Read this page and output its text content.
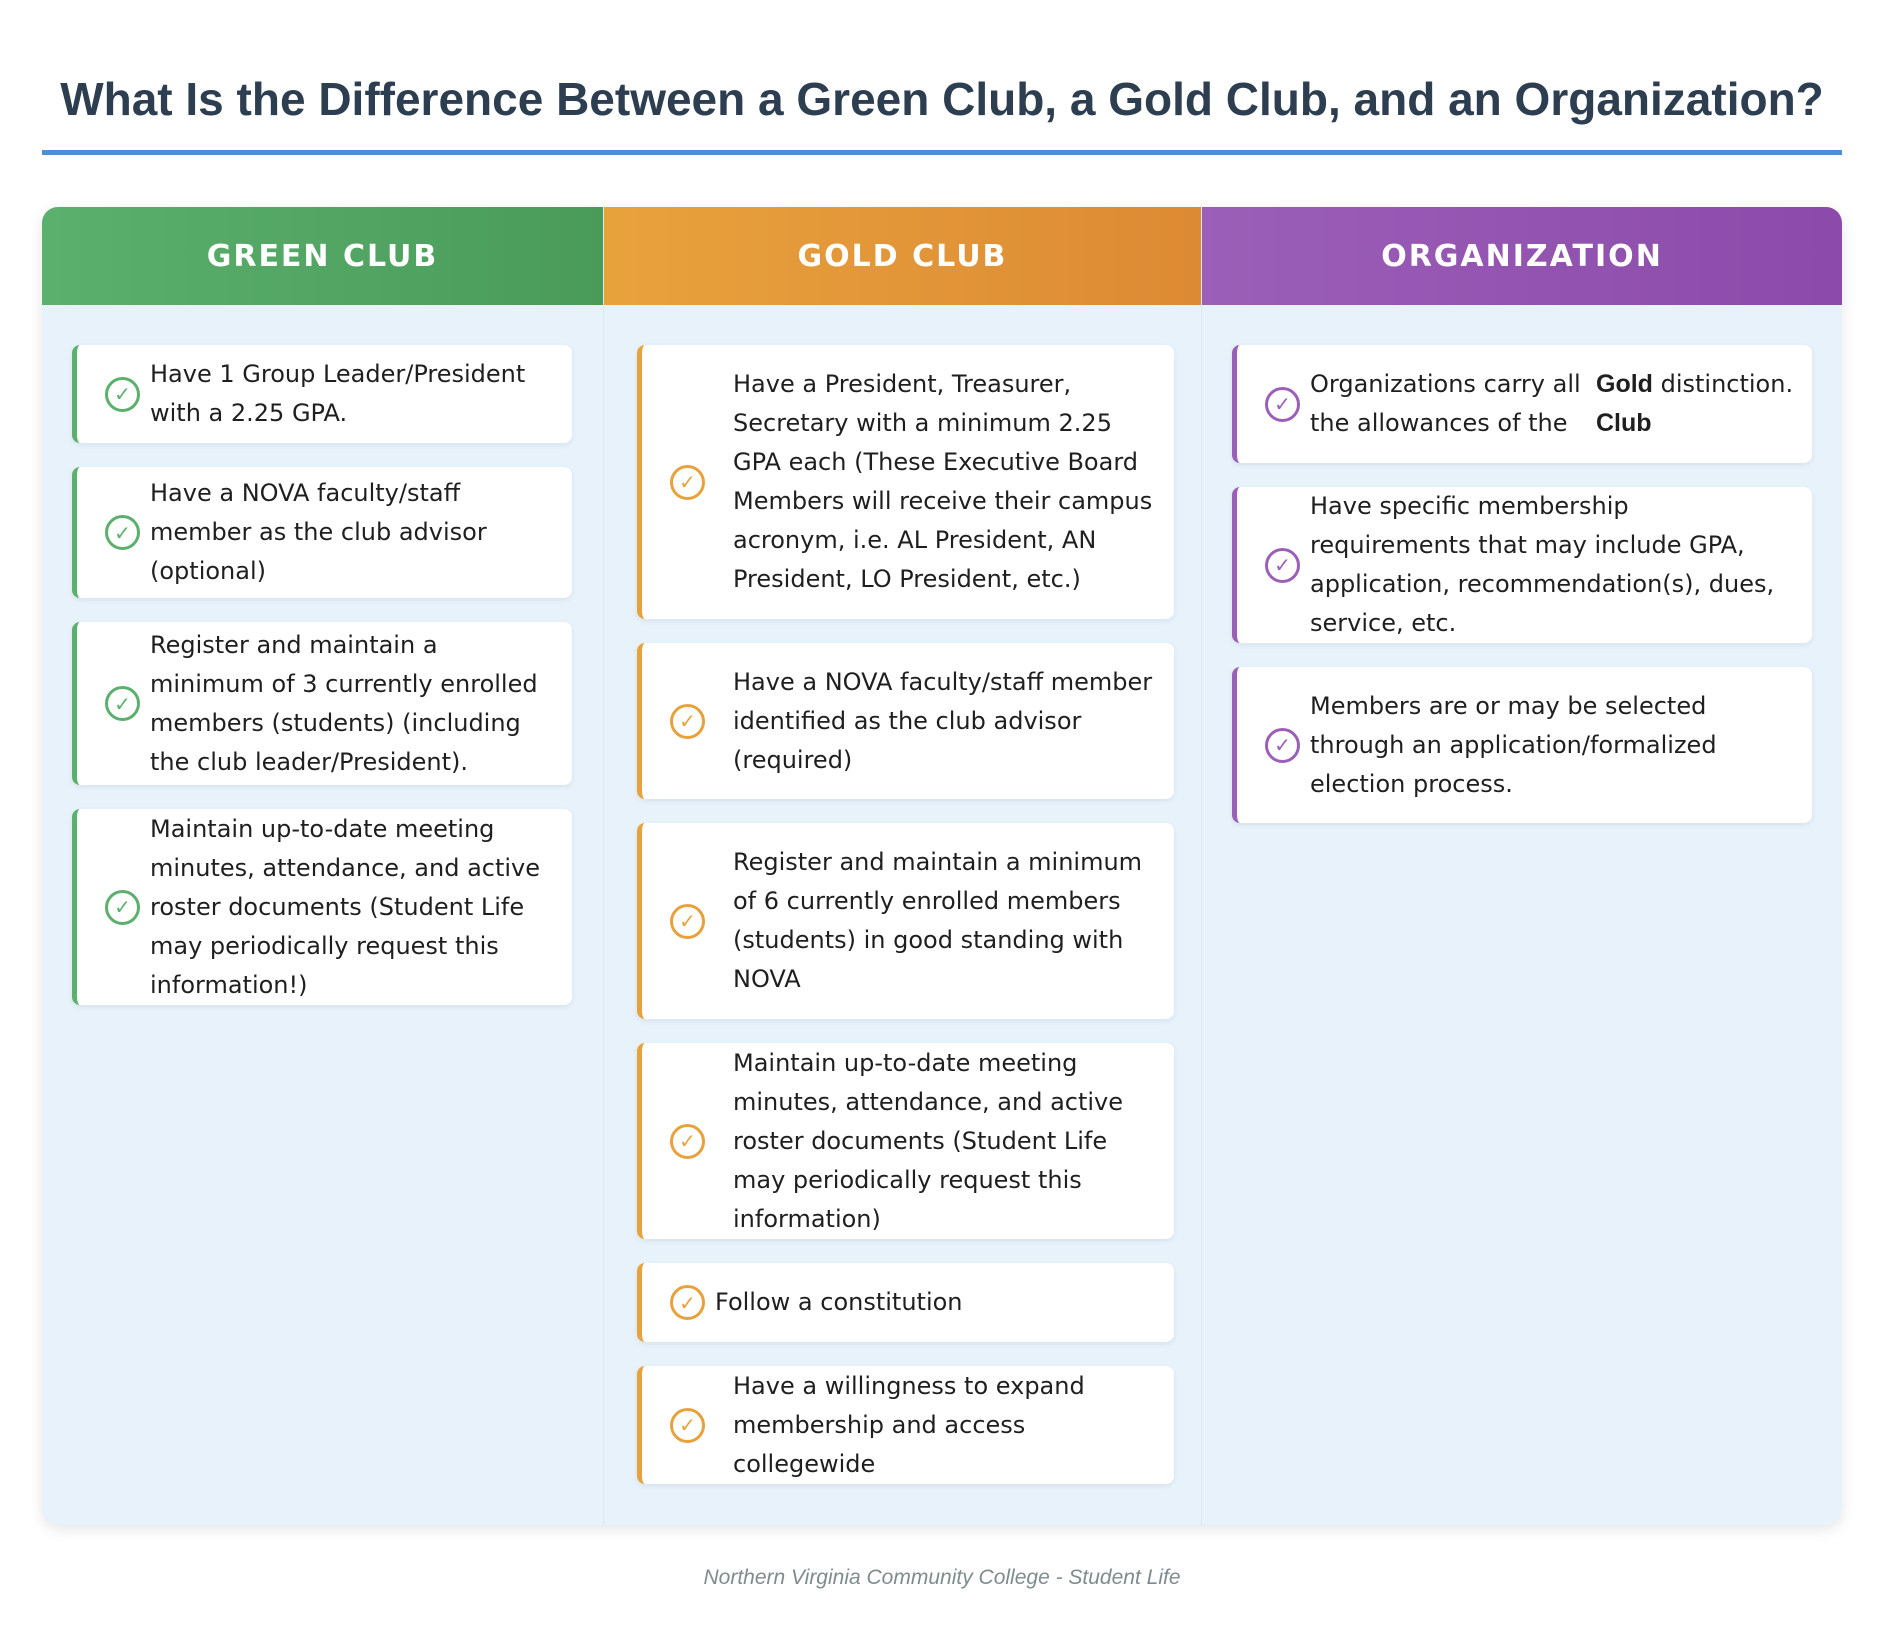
What Is the Difference Between a Green Club, a Gold Club, and an Organization?
GREEN CLUB
✓
Have 1 Group Leader/President with a 2.25 GPA.
✓
Have a NOVA faculty/staff member as the club advisor (optional)
✓
Register and maintain a minimum of 3 currently enrolled members (students) (including the club leader/President).
✓
Maintain up-to-date meeting minutes, attendance, and active roster documents (Student Life may periodically request this information!)
GOLD CLUB
✓
Have a President, Treasurer, Secretary with a minimum 2.25 GPA each (These Executive Board Members will receive their campus acronym, i.e. AL President, AN President, LO President, etc.)
✓
Have a NOVA faculty/staff member identified as the club advisor (required)
✓
Register and maintain a minimum of 6 currently enrolled members (students) in good standing with NOVA
✓
Maintain up-to-date meeting minutes, attendance, and active roster documents (Student Life may periodically request this information)
✓ Follow a constitution
✓
Have a willingness to expand membership and access collegewide
ORGANIZATION
✓
Organizations carry all the allowances of the
Gold distinction.
Club
✓
Have specific membership requirements that may include GPA, application, recommendation(s), dues, service, etc.
✓
Members are or may be selected through an application/formalized election process.
Northern Virginia Community College - Student Life
